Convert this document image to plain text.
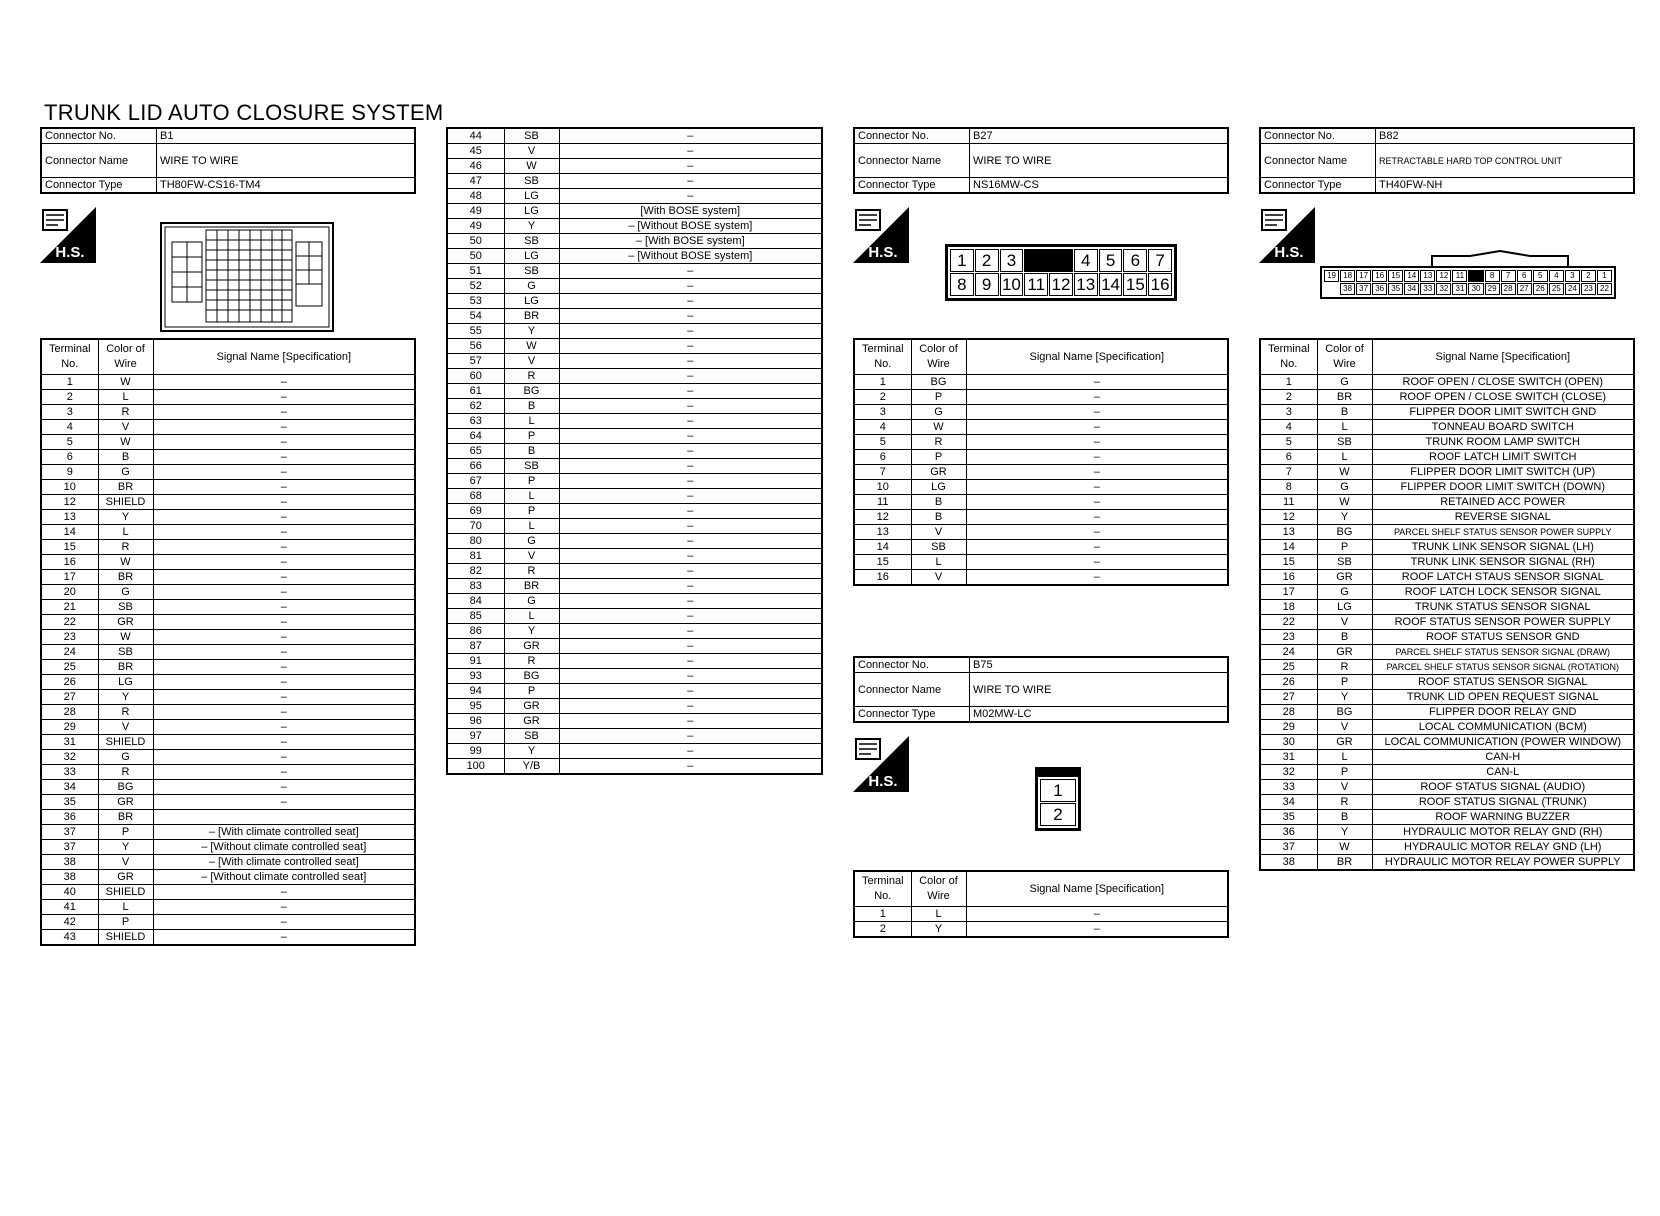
TRUNK LID AUTO CLOSURE SYSTEM
Connector No.	B1
Connector Name	WIRE TO WIRE
Connector Type	TH80FW-CS16-TM4
H.S.
Terminal No.	Color of Wire	Signal Name [Specification]
1	W	–
2	L	–
3	R	–
4	V	–
5	W	–
6	B	–
9	G	–
10	BR	–
12	SHIELD	–
13	Y	–
14	L	–
15	R	–
16	W	–
17	BR	–
20	G	–
21	SB	–
22	GR	–
23	W	–
24	SB	–
25	BR	–
26	LG	–
27	Y	–
28	R	–
29	V	–
31	SHIELD	–
32	G	–
33	R	–
34	BG	–
35	GR	–
36	BR	
37	P	– [With climate controlled seat]
37	Y	– [Without climate controlled seat]
38	V	– [With climate controlled seat]
38	GR	– [Without climate controlled seat]
40	SHIELD	–
41	L	–
42	P	–
43	SHIELD	–
44	SB	–
45	V	–
46	W	–
47	SB	–
48	LG	–
49	LG	[With BOSE system]
49	Y	– [Without BOSE system]
50	SB	– [With BOSE system]
50	LG	– [Without BOSE system]
51	SB	–
52	G	–
53	LG	–
54	BR	–
55	Y	–
56	W	–
57	V	–
60	R	–
61	BG	–
62	B	–
63	L	–
64	P	–
65	B	–
66	SB	–
67	P	–
68	L	–
69	P	–
70	L	–
80	G	–
81	V	–
82	R	–
83	BR	–
84	G	–
85	L	–
86	Y	–
87	GR	–
91	R	–
93	BG	–
94	P	–
95	GR	–
96	GR	–
97	SB	–
99	Y	–
100	Y/B	–
Connector No.	B27
Connector Name	WIRE TO WIRE
Connector Type	NS16MW-CS
H.S.	1 2 3	4 5 6 7
8 9 10 11 12 13 14 15 16
Terminal No.	Color of Wire	Signal Name [Specification]
1	BG	–
2	P	–
3	G	–
4	W	–
5	R	–
6	P	–
7	GR	–
10	LG	–
11	B	–
12	B	–
13	V	–
14	SB	–
15	L	–
16	V	–
Connector No.	B75
Connector Name	WIRE TO WIRE
Connector Type	M02MW-LC
H.S.	1
2
Terminal No.	Color of Wire	Signal Name [Specification]
1	L	–
2	Y	–
Connector No.	B82
Connector Name	RETRACTABLE HARD TOP CONTROL UNIT
Connector Type	TH40FW-NH
H.S.
19 18 17 16 15 14 13 12 11	8	7	6	5	4	3	2	1
38 37 36 35 34 33 32 31 30 29 28 27 26 25 24 23 22
Terminal No.	Color of Wire	Signal Name [Specification]
1	G	ROOF OPEN / CLOSE SWITCH (OPEN)
2	BR	ROOF OPEN / CLOSE SWITCH (CLOSE)
3	B	FLIPPER DOOR LIMIT SWITCH GND
4	L	TONNEAU BOARD SWITCH
5	SB	TRUNK ROOM LAMP SWITCH
6	L	ROOF LATCH LIMIT SWITCH
7	W	FLIPPER DOOR LIMIT SWITCH (UP)
8	G	FLIPPER DOOR LIMIT SWITCH (DOWN)
11	W	RETAINED ACC POWER
12	Y	REVERSE SIGNAL
13	BG	PARCEL SHELF STATUS SENSOR POWER SUPPLY
14	P	TRUNK LINK SENSOR SIGNAL (LH)
15	SB	TRUNK LINK SENSOR SIGNAL (RH)
16	GR	ROOF LATCH STAUS SENSOR SIGNAL
17	G	ROOF LATCH LOCK SENSOR SIGNAL
18	LG	TRUNK STATUS SENSOR SIGNAL
22	V	ROOF STATUS SENSOR POWER SUPPLY
23	B	ROOF STATUS SENSOR GND
24	GR	PARCEL SHELF STATUS SENSOR SIGNAL (DRAW)
25	R	PARCEL SHELF STATUS SENSOR SIGNAL (ROTATION)
26	P	ROOF STATUS SENSOR SIGNAL
27	Y	TRUNK LID OPEN REQUEST SIGNAL
28	BG	FLIPPER DOOR RELAY GND
29	V	LOCAL COMMUNICATION (BCM)
30	GR	LOCAL COMMUNICATION (POWER WINDOW)
31	L	CAN-H
32	P	CAN-L
33	V	ROOF STATUS SIGNAL (AUDIO)
34	R	ROOF STATUS SIGNAL (TRUNK)
35	B	ROOF WARNING BUZZER
36	Y	HYDRAULIC MOTOR RELAY GND (RH)
37	W	HYDRAULIC MOTOR RELAY GND (LH)
38	BR	HYDRAULIC MOTOR RELAY POWER SUPPLY
